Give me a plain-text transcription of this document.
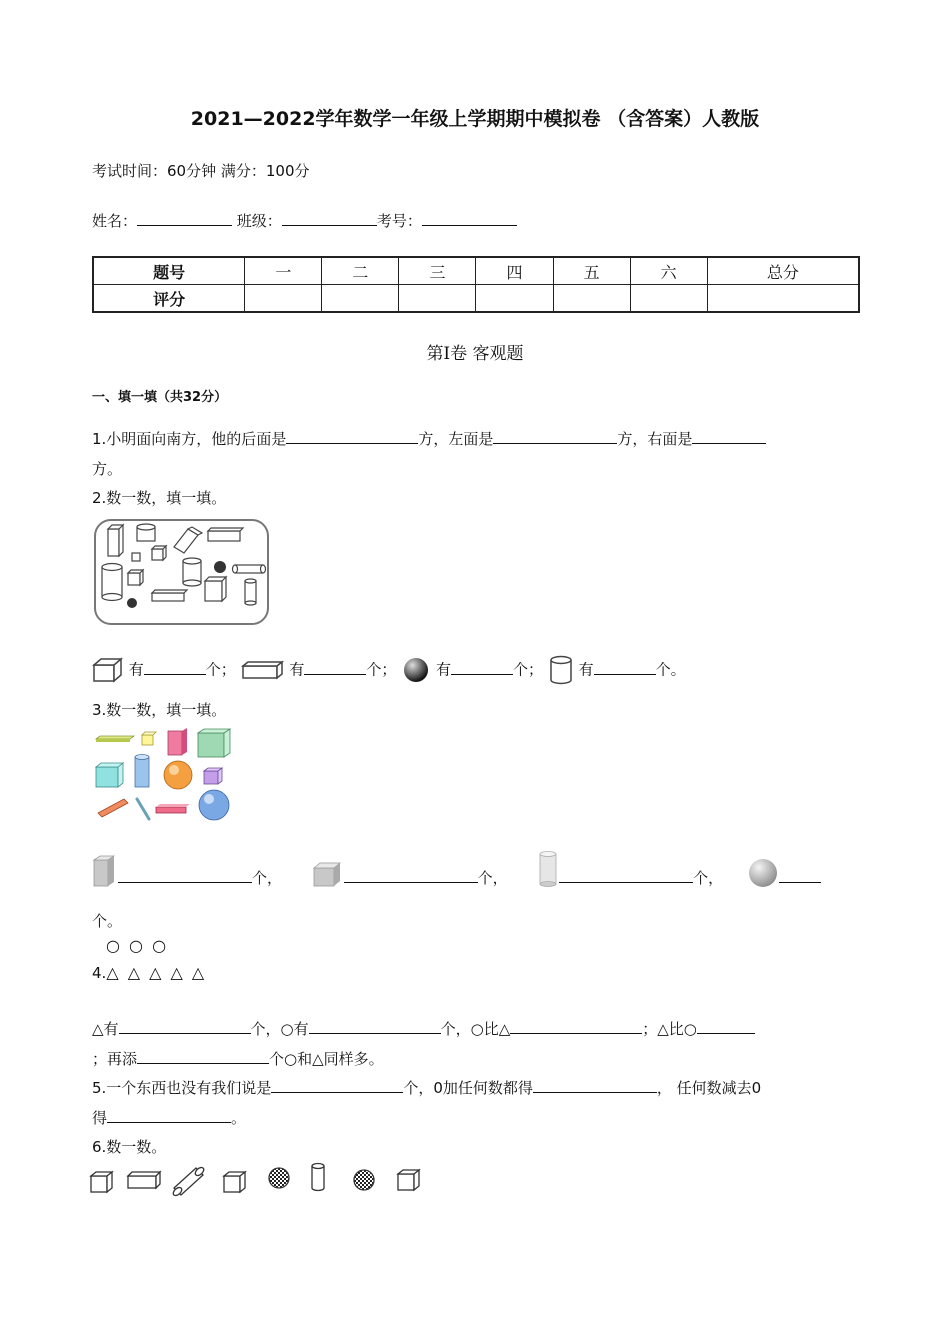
2021—2022学年数学一年级上学期期中模拟卷 （含答案）人教版
考试时间：60分钟 满分：100分
姓名：	班级：	考号：
题号	一	二	三	四	五	六	总分
评分							
第Ⅰ卷 客观题
一、填一填（共32分）
1.小明面向南方，他的后面是	方，左面是	方，右面是
方。
2.数一数，填一填。
有	个；	有	个；	有	个； 有	个。
3.数一数，填一填。
个，	个，	个，
个。
○ ○ ○
4.△ △ △ △ △
△有	个，○有	个，○比△	；△比○
；再添	个○和△同样多。
5.一个东西也没有我们说是	个，0加任何数都得	， 任何数减去0
得	。
6.数一数。
